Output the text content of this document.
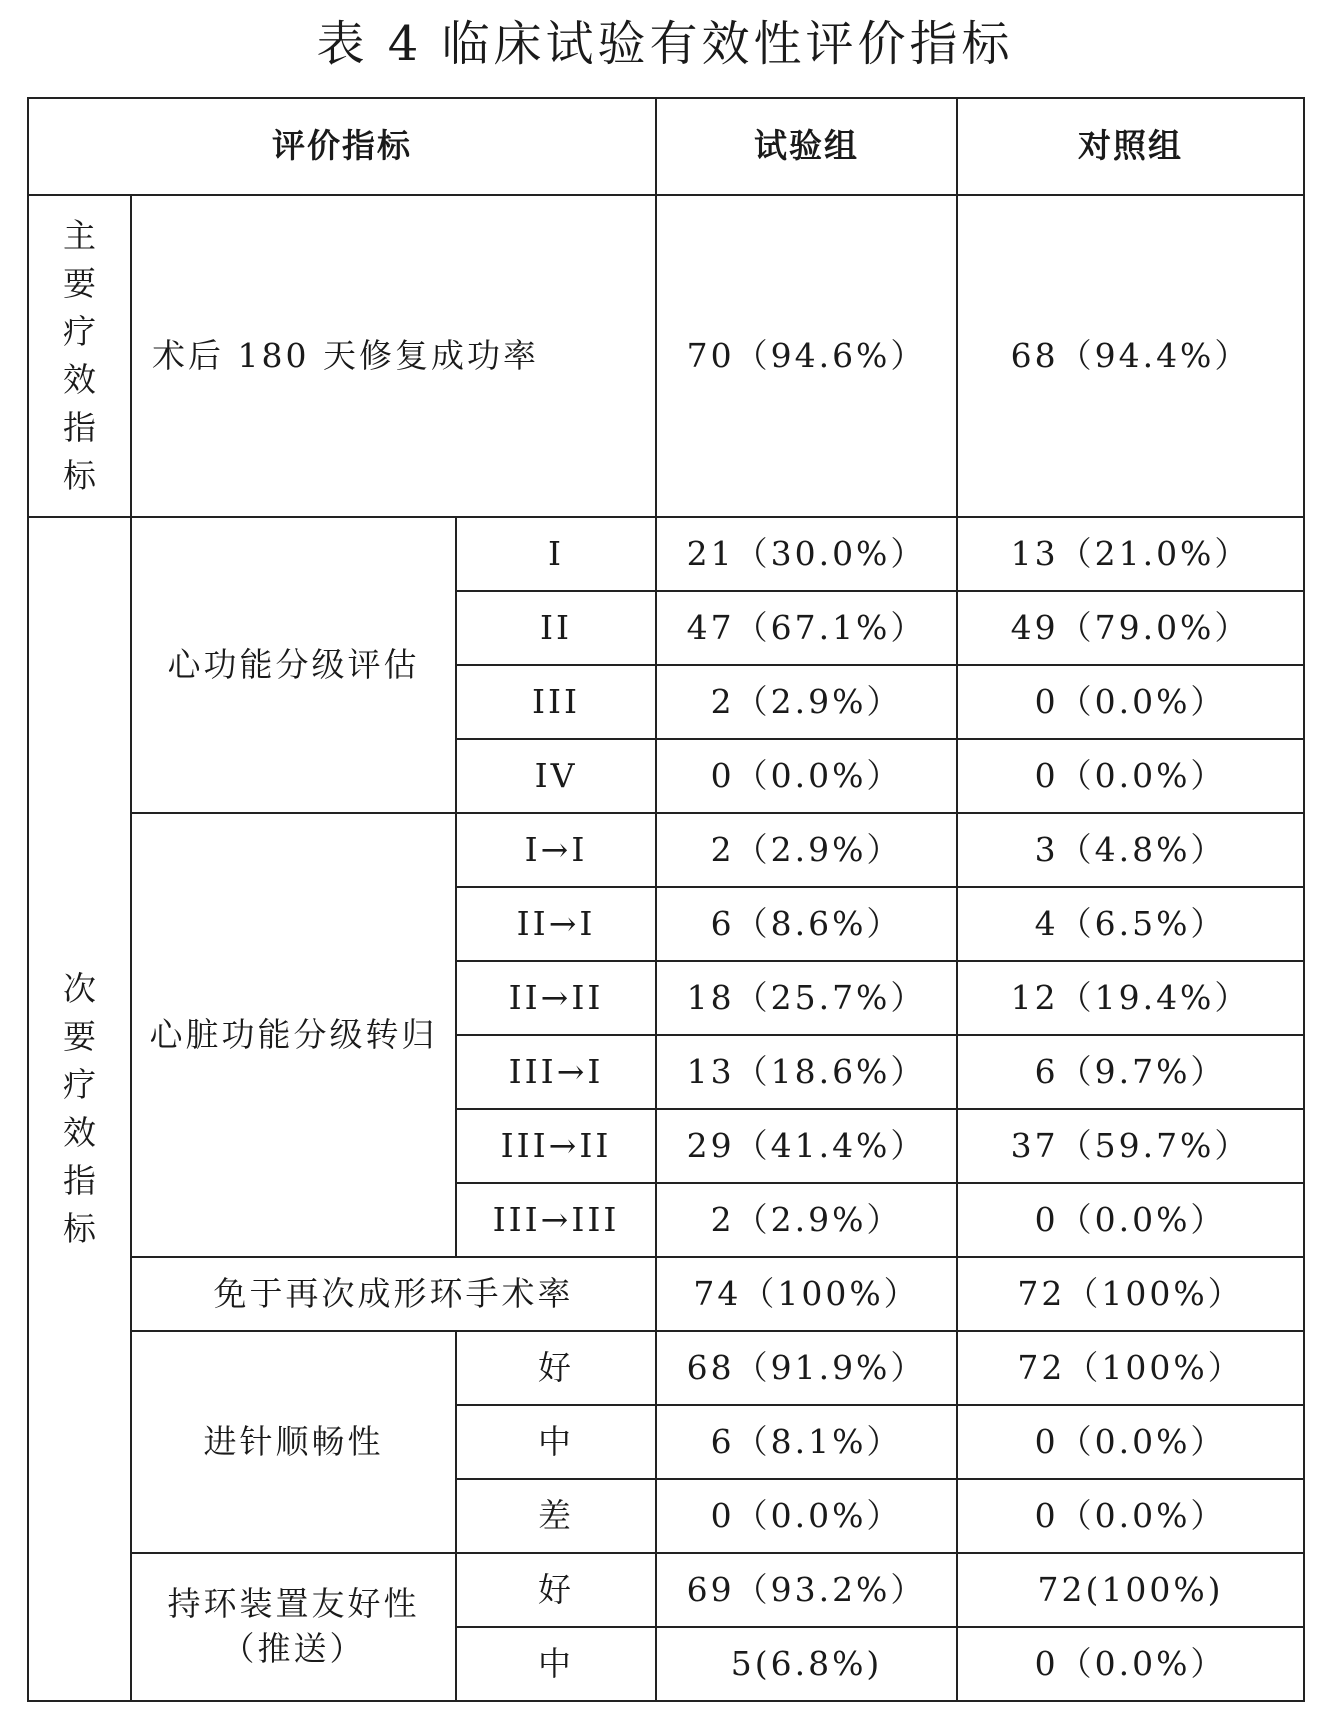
表 4 临床试验有效性评价指标
评价指标			试验组	对照组

主要疗效指标	术后 180 天修复成功率		70（94.6%）	68（94.4%）

次要疗效指标	心功能分级评估	I	21（30.0%）	13（21.0%）
		II	47（67.1%）	49（79.0%）
		III	2（2.9%）	0（0.0%）
		IV	0（0.0%）	0（0.0%）
	心脏功能分级转归	I→I	2（2.9%）	3（4.8%）
		II→I	6（8.6%）	4（6.5%）
		II→II	18（25.7%）	12（19.4%）
		III→I	13（18.6%）	6（9.7%）
		III→II	29（41.4%）	37（59.7%）
		III→III	2（2.9%）	0（0.0%）
	免于再次成形环手术率		74（100%）	72（100%）
	进针顺畅性	好	68（91.9%）	72（100%）
		中	6（8.1%）	0（0.0%）
		差	0（0.0%）	0（0.0%）
	持环装置友好性（推送）	好	69（93.2%）	72(100%)
		中	5(6.8%)	0（0.0%）
